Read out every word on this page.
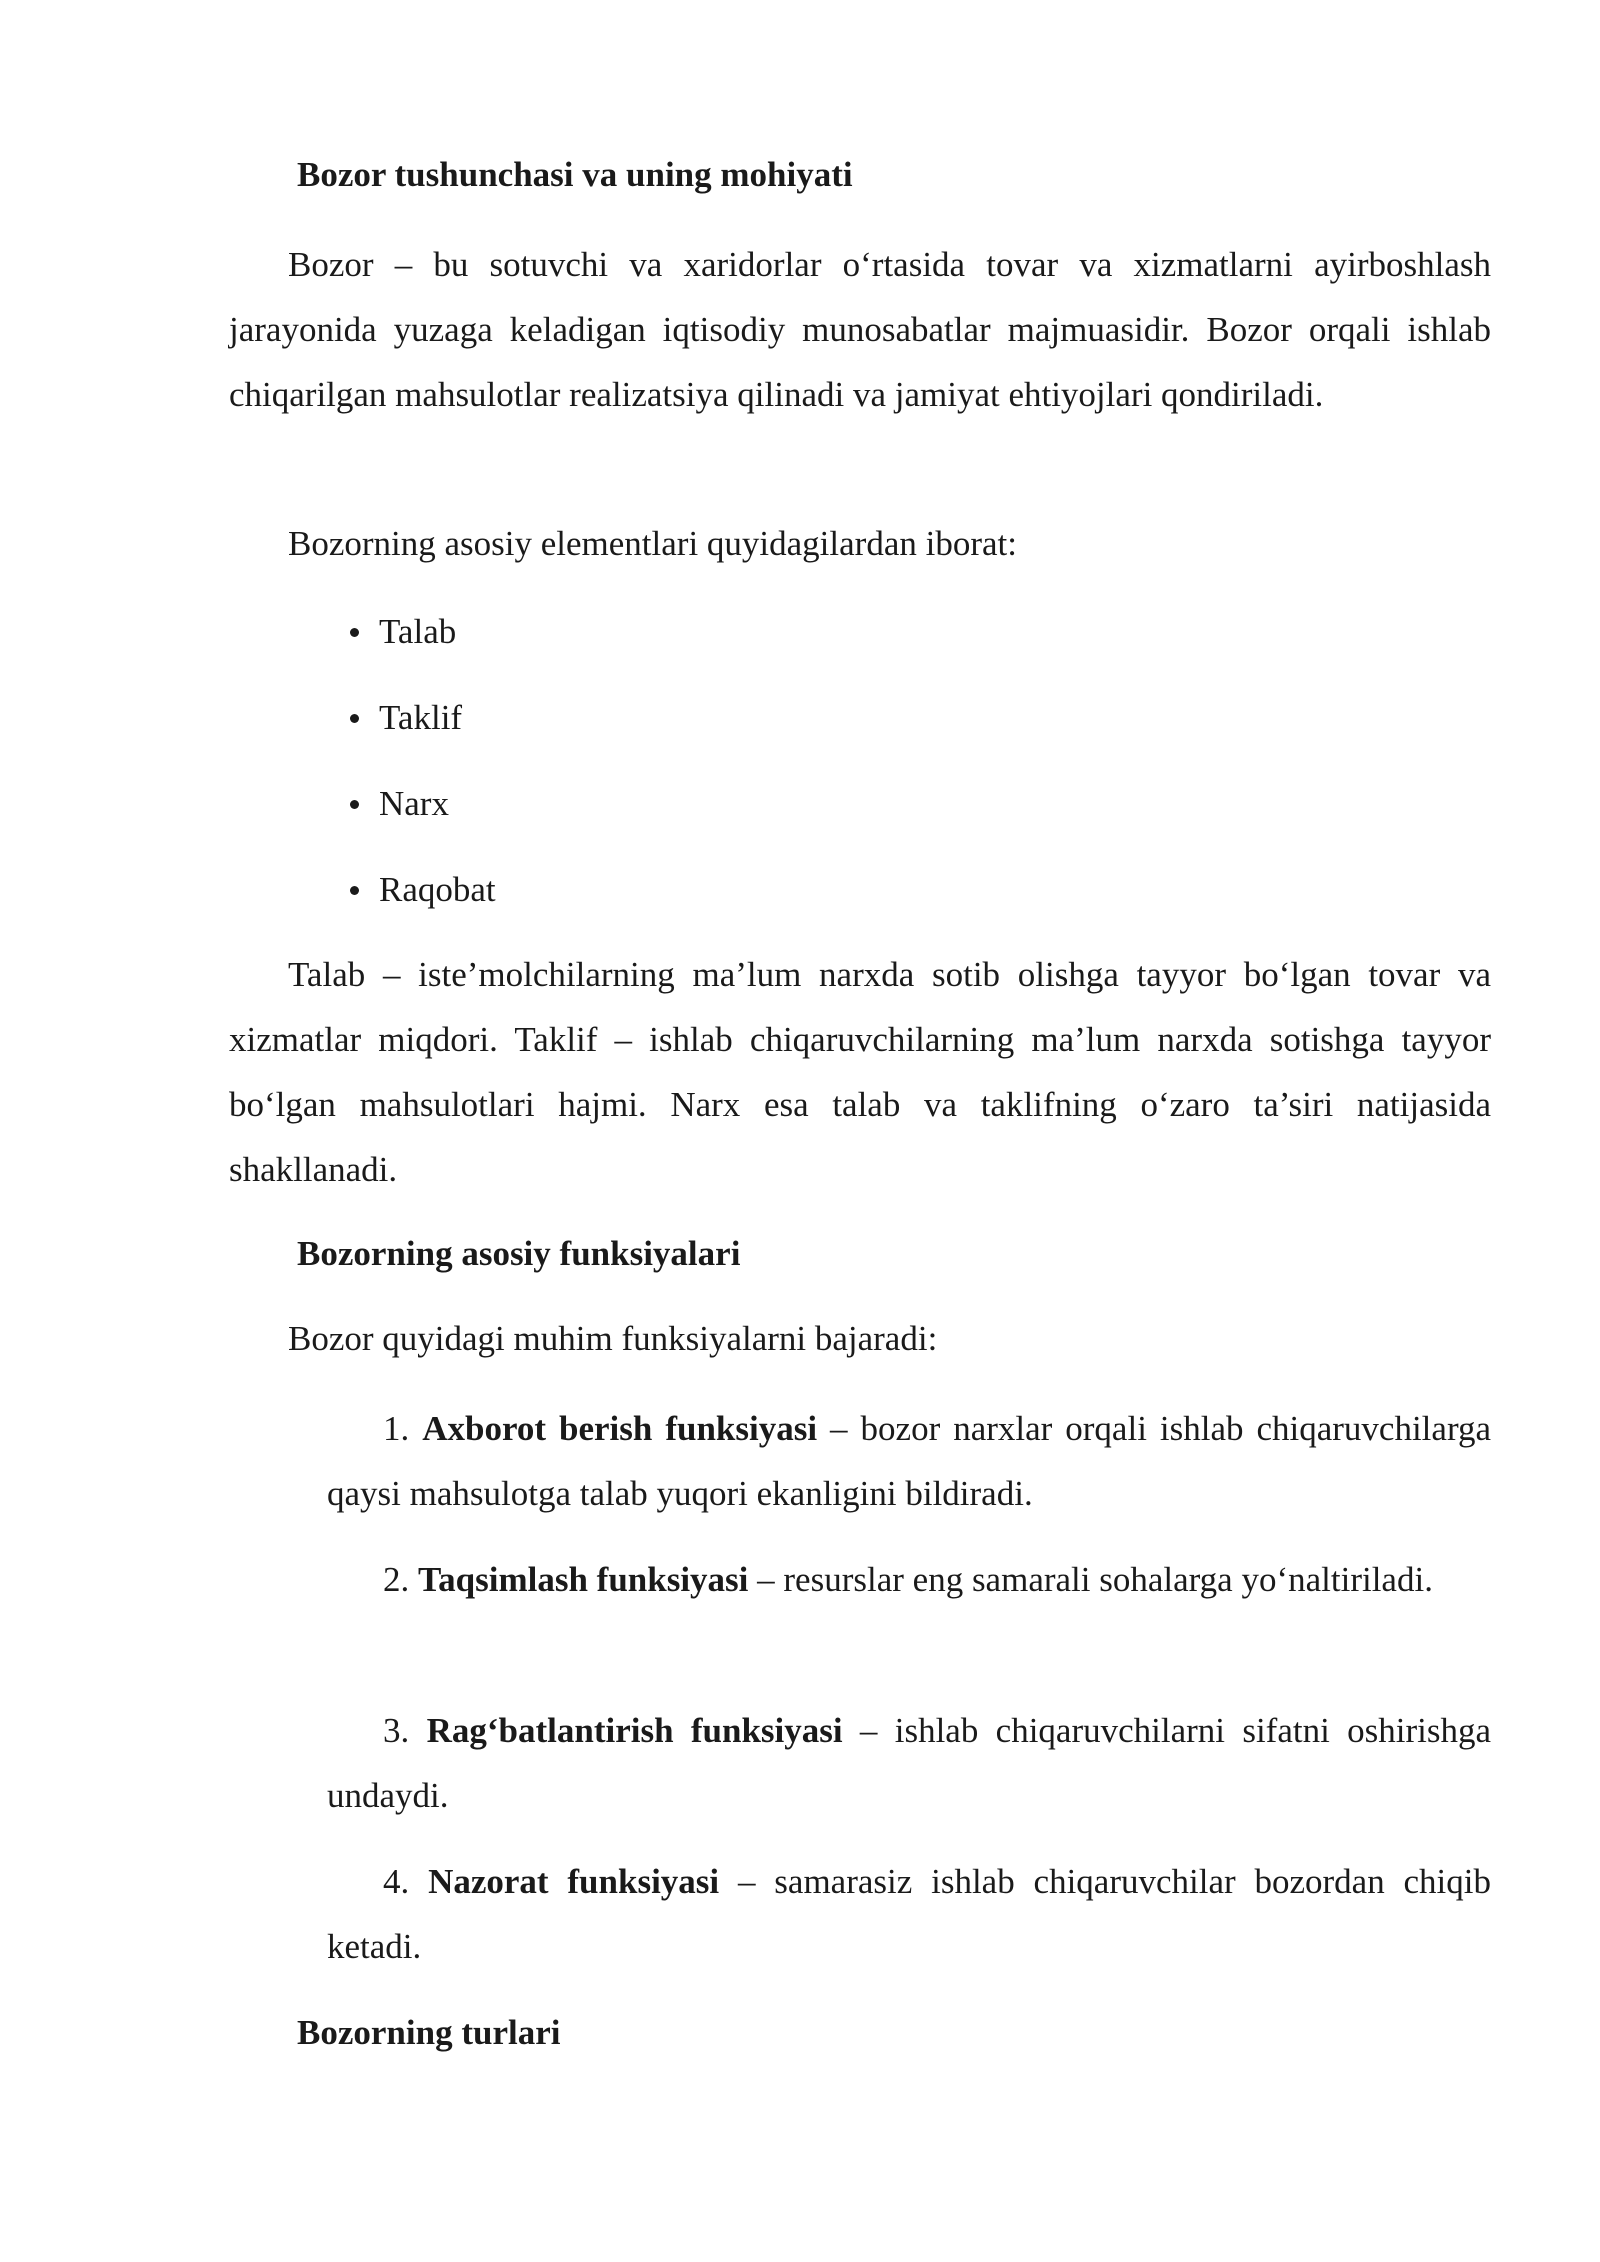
Bozor tushunchasi va uning mohiyati
Bozor – bu sotuvchi va xaridorlar o‘rtasida tovar va xizmatlarni ayirboshlash jarayonida yuzaga keladigan iqtisodiy munosabatlar majmuasidir. Bozor orqali ishlab chiqarilgan mahsulotlar realizatsiya qilinadi va jamiyat ehtiyojlari qondiriladi.
Bozorning asosiy elementlari quyidagilardan iborat:
Talab
Taklif
Narx
Raqobat
Talab – iste’molchilarning ma’lum narxda sotib olishga tayyor bo‘lgan tovar va xizmatlar miqdori. Taklif – ishlab chiqaruvchilarning ma’lum narxda sotishga tayyor bo‘lgan mahsulotlari hajmi. Narx esa talab va taklifning o‘zaro ta’siri natijasida shakllanadi.
Bozorning asosiy funksiyalari
Bozor quyidagi muhim funksiyalarni bajaradi:
1. Axborot berish funksiyasi – bozor narxlar orqali ishlab chiqaruvchilarga qaysi mahsulotga talab yuqori ekanligini bildiradi.
2. Taqsimlash funksiyasi – resurslar eng samarali sohalarga yo‘naltiriladi.
3. Rag‘batlantirish funksiyasi – ishlab chiqaruvchilarni sifatni oshirishga undaydi.
4. Nazorat funksiyasi – samarasiz ishlab chiqaruvchilar bozordan chiqib ketadi.
Bozorning turlari
